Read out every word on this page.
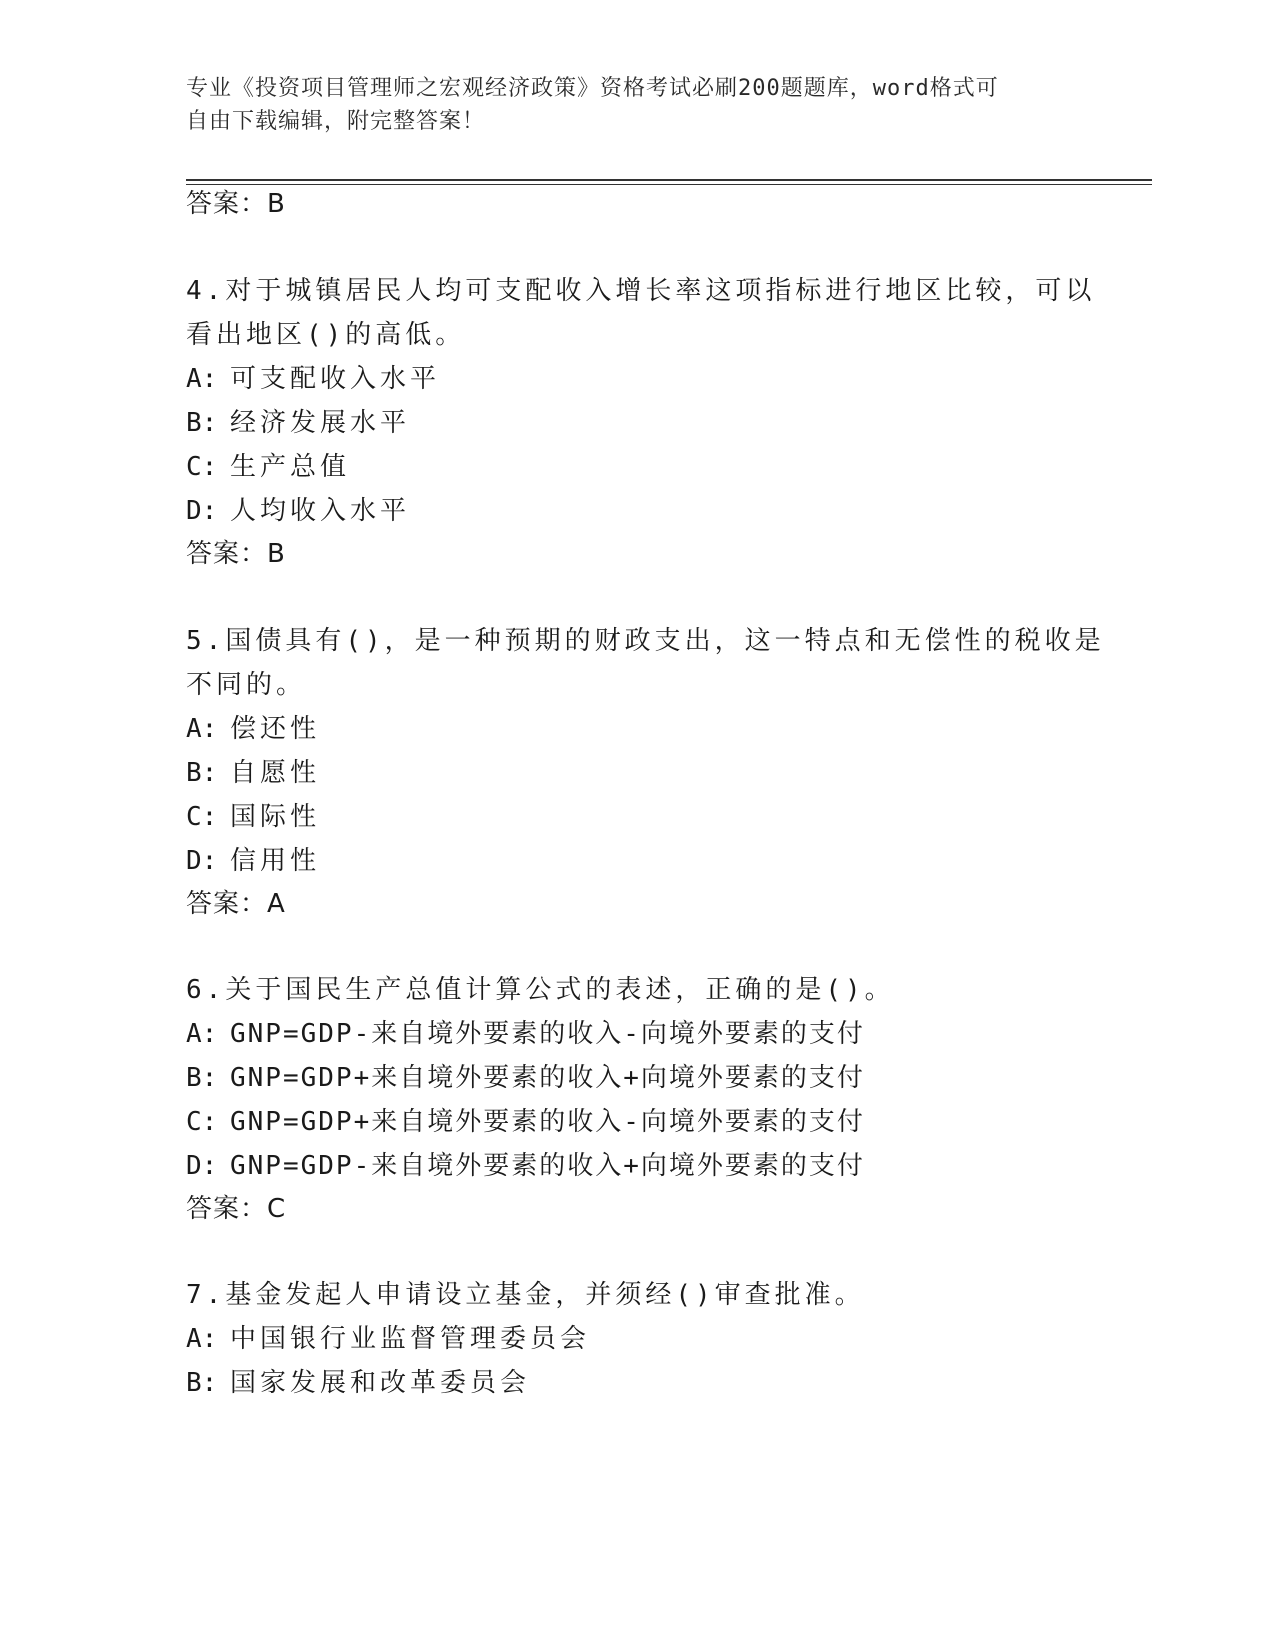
专业《投资项目管理师之宏观经济政策》资格考试必刷200题题库，word格式可
自由下载编辑，附完整答案！
答案：B
4.对于城镇居民人均可支配收入增长率这项指标进行地区比较，可以
看出地区()的高低。
A: 可支配收入水平
B: 经济发展水平
C: 生产总值
D: 人均收入水平
答案：B
5.国债具有()，是一种预期的财政支出，这一特点和无偿性的税收是
不同的。
A: 偿还性
B: 自愿性
C: 国际性
D: 信用性
答案：A
6.关于国民生产总值计算公式的表述，正确的是()。
A: GNP=GDP-来自境外要素的收入-向境外要素的支付
B: GNP=GDP+来自境外要素的收入+向境外要素的支付
C: GNP=GDP+来自境外要素的收入-向境外要素的支付
D: GNP=GDP-来自境外要素的收入+向境外要素的支付
答案：C
7.基金发起人申请设立基金，并须经()审查批准。
A: 中国银行业监督管理委员会
B: 国家发展和改革委员会
